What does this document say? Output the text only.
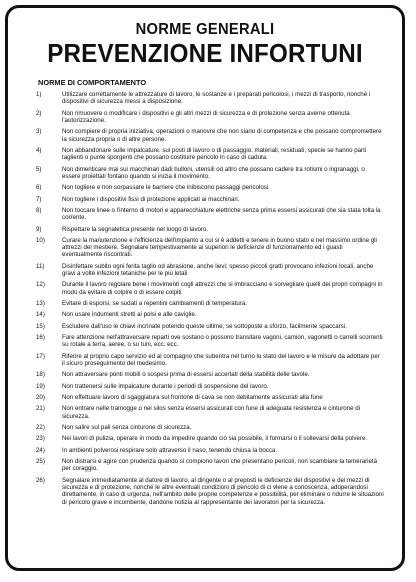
NORME GENERALI
PREVENZIONE INFORTUNI
NORME DI COMPORTAMENTO
1)	Utilizzare correttamente le attrezzature di lavoro, le sostanze e i preparati pericolosi, i mezzi di trasporto, nonché i dispositivi di sicurezza messi a disposizione.
2)	Non rimuovere o modificare i dispositivi e gli altri mezzi di sicurezza e di protezione senza averne ottenuta l'autorizzazione.
3)	Non compiere di propria iniziativa, operazioni o manovre che non siano di competenza e che possano compromettere la sicurezza propria o di altre persone.
4)	Non abbandonare sulle impalcature. sui posti di lavoro o di passaggio, materiali, residuati, specie se hanno parti taglienti o punte sporgenti che possano costituire pericolo in caso di caduta.
5)	Non dimenticare mai sui macchinari dadi bulloni, utensili od altro che possano cadere tra rotismi o ingranaggi, o essere proiettati fontano quando si inizia il movimento.
6)	Non togliere e non sorpassare le barriere che inibiscono passaggi pericolosi.
7)	Non togliere i dispositivi fissi di protezione applicati ai macchinari.
8)	Non toccare linee o l'interno di motori e apparecchiature elettriche senza prima essersi assicurati che sia stata tolta la corrente.
9)	Rispettare la segnaletica presente nel luogo di lavoro.
10)	Curare la manutenzione e l'efficienza dell'impianto a cui si è addetti e tenere in buono stato e nel massimo ordine gli attrezzi del mestiere. Segnalare tempestivamente ai superiori le deficienze di funzionamento ed i guasti eventualmente riscontrati.
11)	Disinfettare subito ogni ferita taglio od abrasione, anche lievi; spesso piccoli gratti provocano infezioni locali, anche gravi a volte infezioni tetaniche per le più letali
12)	Durante il lavoro regolare bene i movimenti cogli attrezzi che si imbracciano e sorvegliare quelli dei propri compagni in modo da evitare di colpire o di essere colpiti
13)	Evitare di esporsi, se sudati a repentini cambiamenti di temperatura.
14)	Non usare indumenti stretti ai polsi e alle caviglie.
15)	Escludere dall'uso le chiavi incrinate potendo queste ultime, se sottoposte a sforzo, facilmente spaccarsi.
16)	Fare attenzione nell'attraversare reparti ove sostano o possono transitare vagoni, camion, vagonetti o carrelli scorrenti su rotale a terra, aeree, o su tuni, ecc. ecc.
17)	Riferire al proprio capo servizio ed al compagno che subentra nel turno lo stato del lavoro e le misure da adottare per il sicuro proseguimento del medesimo.
18)	Non attraversare ponti mobili o sospesi prima di essersi accertati della stabilità delle tavole.
19)	Non trattenersi sulle impalcature durante i periodi di sospensione del lavoro.
20)	Non effettuare lavoro di sgaggiatura sul frontone di cava se non debitamente assicurati alla fune
21)	Non entrare nelle tramogge o nei silos senza essersi assicurati con fune di adeguata resistenza e cinturone di sicurezza.
22)	Non salire sul pali senza cinturone di sicurezza.
23)	Nei lavori di pulizia, operare in modo da impedire quando ciò sia possibile, il formarsi o il sollevarsi della polvere.
24)	In ambienti polverosi respirare solo attraverso il naso, tenendo chiusa la bocca.
25)	Non distrarsi e agire con prudenza quando si compiono lavori che presentano pericoli, non scambiare la temerarietà per coraggio.
26)	Segnalare immediatamente al datore di lavoro, al dirigente o al preposti le deficienze del dispositivi e dei mezzi di sicurezza e di protezione, nonché le altre eventuali condizioni di pericolo di ci vlene a conoscenza, adoperandosi direttamente, in caso di urgenza, nell'ambito delle proprie competenze e possibilità, per eliminare o ridurre le situazioni di pericolo grave e incombente, dandone notizia al rappresentante dei lavoratori per la sicurezza.
